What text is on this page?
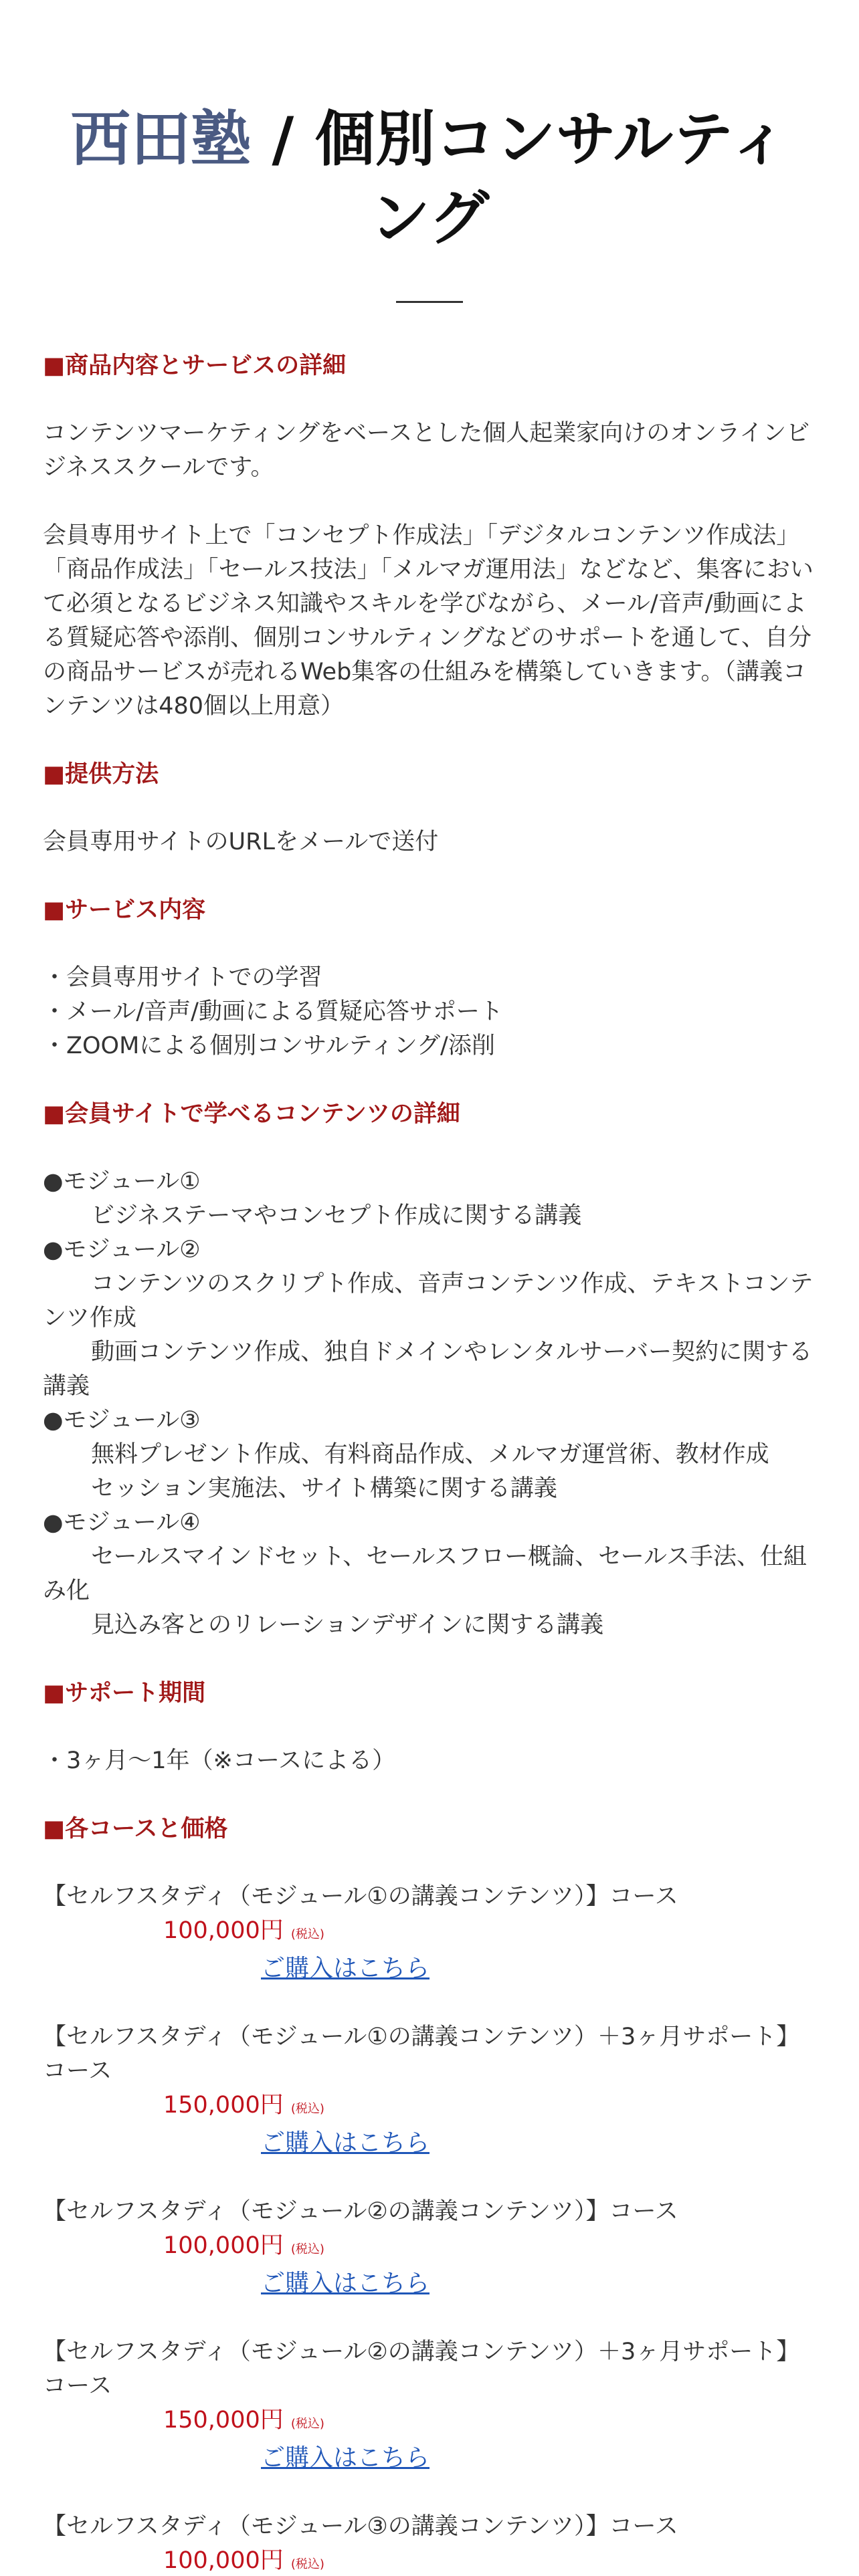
西田塾 / 個別コンサルティング
■商品内容とサービスの詳細

コンテンツマーケティングをベースとした個人起業家向けのオンラインビジネススクールです。

会員専用サイト上で「コンセプト作成法」「デジタルコンテンツ作成法」「商品作成法」「セールス技法」「メルマガ運用法」などなど、集客において必須となるビジネス知識やスキルを学びながら、メール/音声/動画による質疑応答や添削、個別コンサルティングなどのサポートを通して、自分の商品サービスが売れるWeb集客の仕組みを構築していきます。（講義コンテンツは480個以上用意）

■提供方法

会員専用サイトのURLをメールで送付

■サービス内容
・会員専用サイトでの学習
・メール/音声/動画による質疑応答サポート
・ZOOMによる個別コンサルティング/添削
■会員サイトで学べるコンテンツの詳細
●モジュール①
ビジネステーマやコンセプト作成に関する講義
●モジュール②
コンテンツのスクリプト作成、音声コンテンツ作成、テキストコンテンツ作成
動画コンテンツ作成、独自ドメインやレンタルサーバー契約に関する講義
●モジュール③
無料プレゼント作成、有料商品作成、メルマガ運営術、教材作成
セッション実施法、サイト構築に関する講義
●モジュール④
セールスマインドセット、セールスフロー概論、セールス手法、仕組み化
見込み客とのリレーションデザインに関する講義
■サポート期間

・3ヶ月〜1年（※コースによる）

■各コースと価格
【セルフスタディ（モジュール①の講義コンテンツ）】コース
100,000円 (税込)
ご購入はこちら
【セルフスタディ（モジュール①の講義コンテンツ）＋3ヶ月サポート】コース
150,000円 (税込)
ご購入はこちら
【セルフスタディ（モジュール②の講義コンテンツ）】コース
100,000円 (税込)
ご購入はこちら
【セルフスタディ（モジュール②の講義コンテンツ）＋3ヶ月サポート】コース
150,000円 (税込)
ご購入はこちら
【セルフスタディ（モジュール③の講義コンテンツ）】コース
100,000円 (税込)
